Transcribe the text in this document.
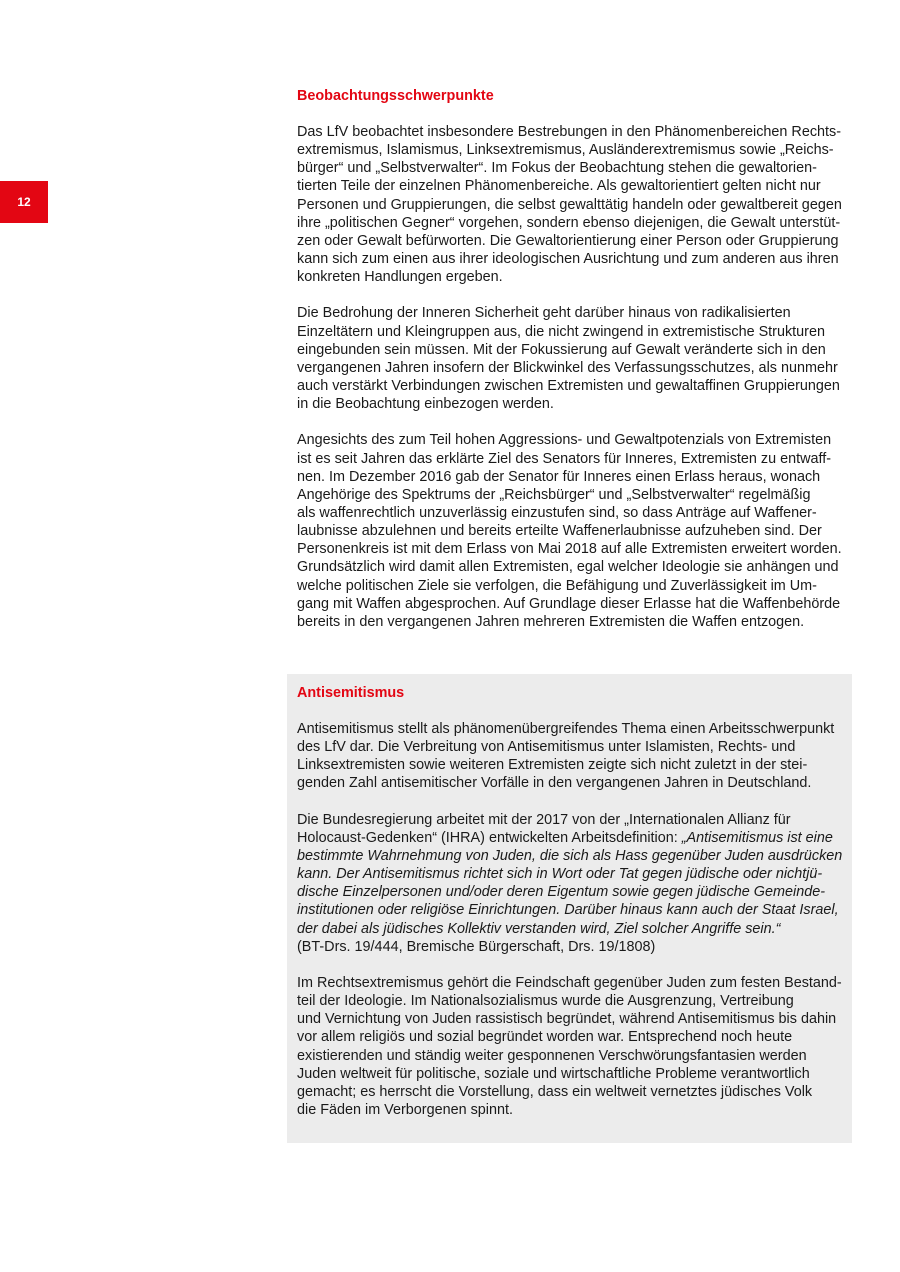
12
Beobachtungsschwerpunkte

Das LfV beobachtet insbesondere Bestrebungen in den Phänomenbereichen Rechts-
extremismus, Islamismus, Linksextremismus, Ausländerextremismus sowie „Reichs-
bürger“ und „Selbstverwalter“. Im Fokus der Beobachtung stehen die gewaltorien-
tierten Teile der einzelnen Phänomenbereiche. Als gewaltorientiert gelten nicht nur
Personen und Gruppierungen, die selbst gewalttätig handeln oder gewaltbereit gegen
ihre „politischen Gegner“ vorgehen, sondern ebenso diejenigen, die Gewalt unterstüt-
zen oder Gewalt befürworten. Die Gewaltorientierung einer Person oder Gruppierung
kann sich zum einen aus ihrer ideologischen Ausrichtung und zum anderen aus ihren
konkreten Handlungen ergeben.

Die Bedrohung der Inneren Sicherheit geht darüber hinaus von radikalisierten
Einzeltätern und Kleingruppen aus, die nicht zwingend in extremistische Strukturen
eingebunden sein müssen. Mit der Fokussierung auf Gewalt veränderte sich in den
vergangenen Jahren insofern der Blickwinkel des Verfassungsschutzes, als nunmehr
auch verstärkt Verbindungen zwischen Extremisten und gewaltaffinen Gruppierungen
in die Beobachtung einbezogen werden.

Angesichts des zum Teil hohen Aggressions- und Gewaltpotenzials von Extremisten
ist es seit Jahren das erklärte Ziel des Senators für Inneres, Extremisten zu entwaff-
nen. Im Dezember 2016 gab der Senator für Inneres einen Erlass heraus, wonach
Angehörige des Spektrums der „Reichsbürger“ und „Selbstverwalter“ regelmäßig
als waffenrechtlich unzuverlässig einzustufen sind, so dass Anträge auf Waffener-
laubnisse abzulehnen und bereits erteilte Waffenerlaubnisse aufzuheben sind. Der
Personenkreis ist mit dem Erlass von Mai 2018 auf alle Extremisten erweitert worden.
Grundsätzlich wird damit allen Extremisten, egal welcher Ideologie sie anhängen und
welche politischen Ziele sie verfolgen, die Befähigung und Zuverlässigkeit im Um-
gang mit Waffen abgesprochen. Auf Grundlage dieser Erlasse hat die Waffenbehörde
bereits in den vergangenen Jahren mehreren Extremisten die Waffen entzogen.

Antisemitismus

Antisemitismus stellt als phänomenübergreifendes Thema einen Arbeitsschwerpunkt
des LfV dar. Die Verbreitung von Antisemitismus unter Islamisten, Rechts- und
Linksextremisten sowie weiteren Extremisten zeigte sich nicht zuletzt in der stei-
genden Zahl antisemitischer Vorfälle in den vergangenen Jahren in Deutschland.

Die Bundesregierung arbeitet mit der 2017 von der „Internationalen Allianz für
Holocaust-Gedenken“ (IHRA) entwickelten Arbeitsdefinition: „Antisemitismus ist eine
bestimmte Wahrnehmung von Juden, die sich als Hass gegenüber Juden ausdrücken
kann. Der Antisemitismus richtet sich in Wort oder Tat gegen jüdische oder nichtjü-
dische Einzelpersonen und/oder deren Eigentum sowie gegen jüdische Gemeinde-
institutionen oder religiöse Einrichtungen. Darüber hinaus kann auch der Staat Israel,
der dabei als jüdisches Kollektiv verstanden wird, Ziel solcher Angriffe sein.“
(BT-Drs. 19/444, Bremische Bürgerschaft, Drs. 19/1808)

Im Rechtsextremismus gehört die Feindschaft gegenüber Juden zum festen Bestand-
teil der Ideologie. Im Nationalsozialismus wurde die Ausgrenzung, Vertreibung
und Vernichtung von Juden rassistisch begründet, während Antisemitismus bis dahin
vor allem religiös und sozial begründet worden war. Entsprechend noch heute
existierenden und ständig weiter gesponnenen Verschwörungsfantasien werden
Juden weltweit für politische, soziale und wirtschaftliche Probleme verantwortlich
gemacht; es herrscht die Vorstellung, dass ein weltweit vernetztes jüdisches Volk
die Fäden im Verborgenen spinnt.
